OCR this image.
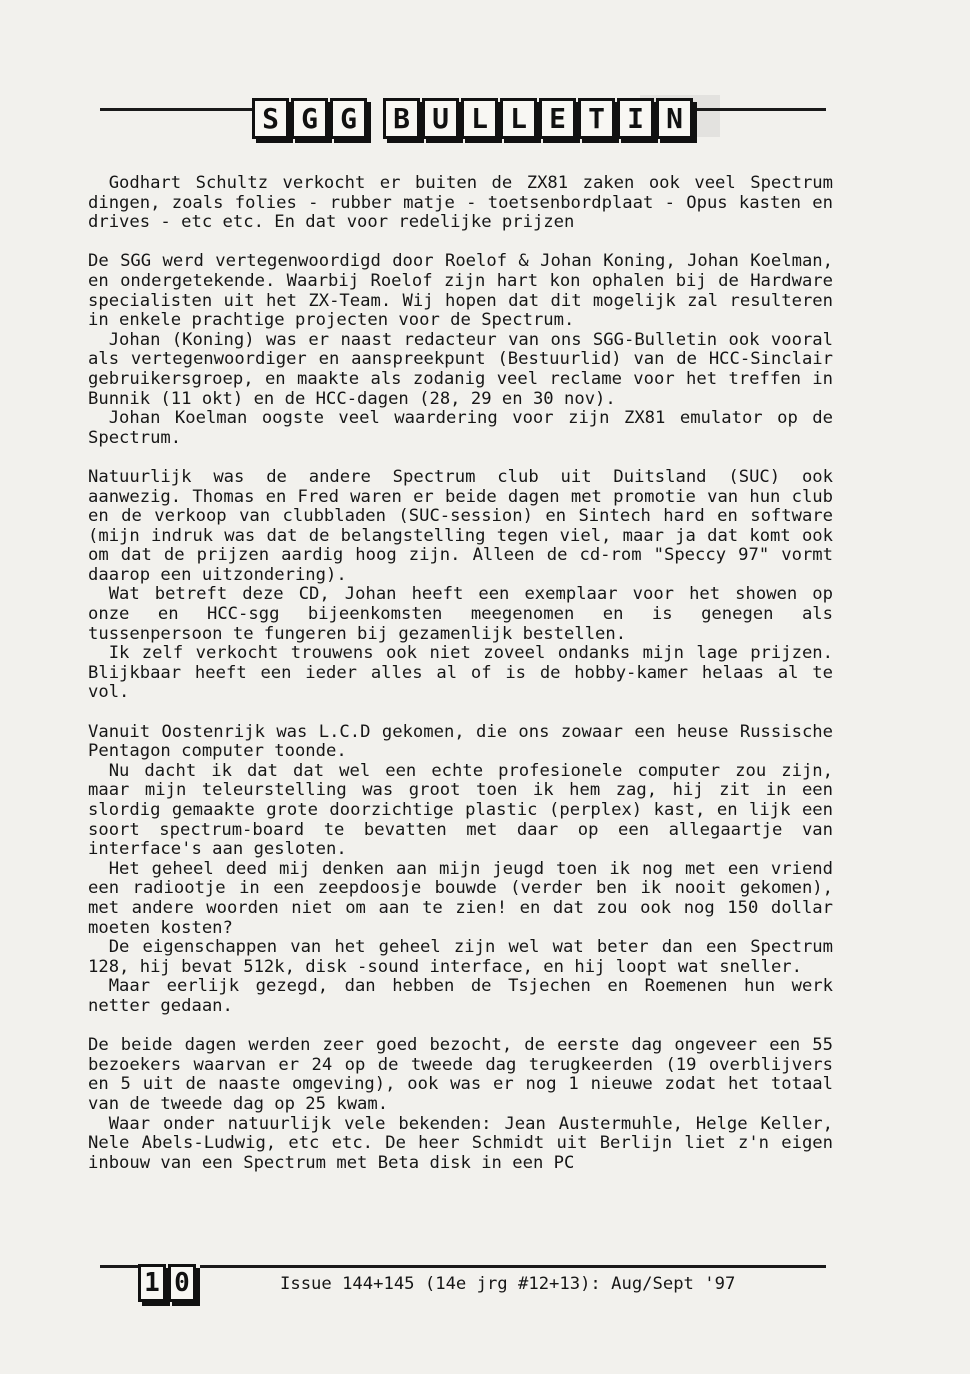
S G G	B U L L E T I N

Godhart Schultz verkocht er buiten de ZX81 zaken ook veel Spectrum dingen, zoals folies - rubber matje - toetsenbordplaat - Opus kasten en drives - etc etc. En dat voor redelijke prijzen

De SGG werd vertegenwoordigd door Roelof & Johan Koning, Johan Koelman, en ondergetekende. Waarbij Roelof zijn hart kon ophalen bij de Hardware specialisten uit het ZX-Team. Wij hopen dat dit mogelijk zal resulteren in enkele prachtige projecten voor de Spectrum.

Johan (Koning) was er naast redacteur van ons SGG-Bulletin ook vooral als vertegenwoordiger en aanspreekpunt (Bestuurlid) van de HCC-Sinclair gebruikersgroep, en maakte als zodanig veel reclame voor het treffen in Bunnik (11 okt) en de HCC-dagen (28, 29 en 30 nov).

Johan Koelman oogste veel waardering voor zijn ZX81 emulator op de Spectrum.

Natuurlijk was de andere Spectrum club uit Duitsland (SUC) ook aanwezig. Thomas en Fred waren er beide dagen met promotie van hun club en de verkoop van clubbladen (SUC-session) en Sintech hard en software (mijn indruk was dat de belangstelling tegen viel, maar ja dat komt ook om dat de prijzen aardig hoog zijn. Alleen de cd-rom "Speccy 97" vormt daarop een uitzondering).

Wat betreft deze CD, Johan heeft een exemplaar voor het showen op onze en HCC-sgg bijeenkomsten meegenomen en is genegen als tussenpersoon te fungeren bij gezamenlijk bestellen.

Ik zelf verkocht trouwens ook niet zoveel ondanks mijn lage prijzen. Blijkbaar heeft een ieder alles al of is de hobby-kamer helaas al te vol.

Vanuit Oostenrijk was L.C.D gekomen, die ons zowaar een heuse Russische Pentagon computer toonde.

Nu dacht ik dat dat wel een echte profesionele computer zou zijn, maar mijn teleurstelling was groot toen ik hem zag, hij zit in een slordig gemaakte grote doorzichtige plastic (perplex) kast, en lijk een soort spectrum-board te bevatten met daar op een allegaartje van interface's aan gesloten.

Het geheel deed mij denken aan mijn jeugd toen ik nog met een vriend een radiootje in een zeepdoosje bouwde (verder ben ik nooit gekomen), met andere woorden niet om aan te zien! en dat zou ook nog 150 dollar moeten kosten?

De eigenschappen van het geheel zijn wel wat beter dan een Spectrum 128, hij bevat 512k, disk -sound interface, en hij loopt wat sneller.

Maar eerlijk gezegd, dan hebben de Tsjechen en Roemenen hun werk netter gedaan.

De beide dagen werden zeer goed bezocht, de eerste dag ongeveer een 55 bezoekers waarvan er 24 op de tweede dag terugkeerden (19 overblijvers en 5 uit de naaste omgeving), ook was er nog 1 nieuwe zodat het totaal van de tweede dag op 25 kwam.

Waar onder natuurlijk vele bekenden: Jean Austermuhle, Helge Keller, Nele Abels-Ludwig, etc etc. De heer Schmidt uit Berlijn liet z'n eigen inbouw van een Spectrum met Beta disk in een PC

1 0	Issue 144+145 (14e jrg #12+13): Aug/Sept '97
